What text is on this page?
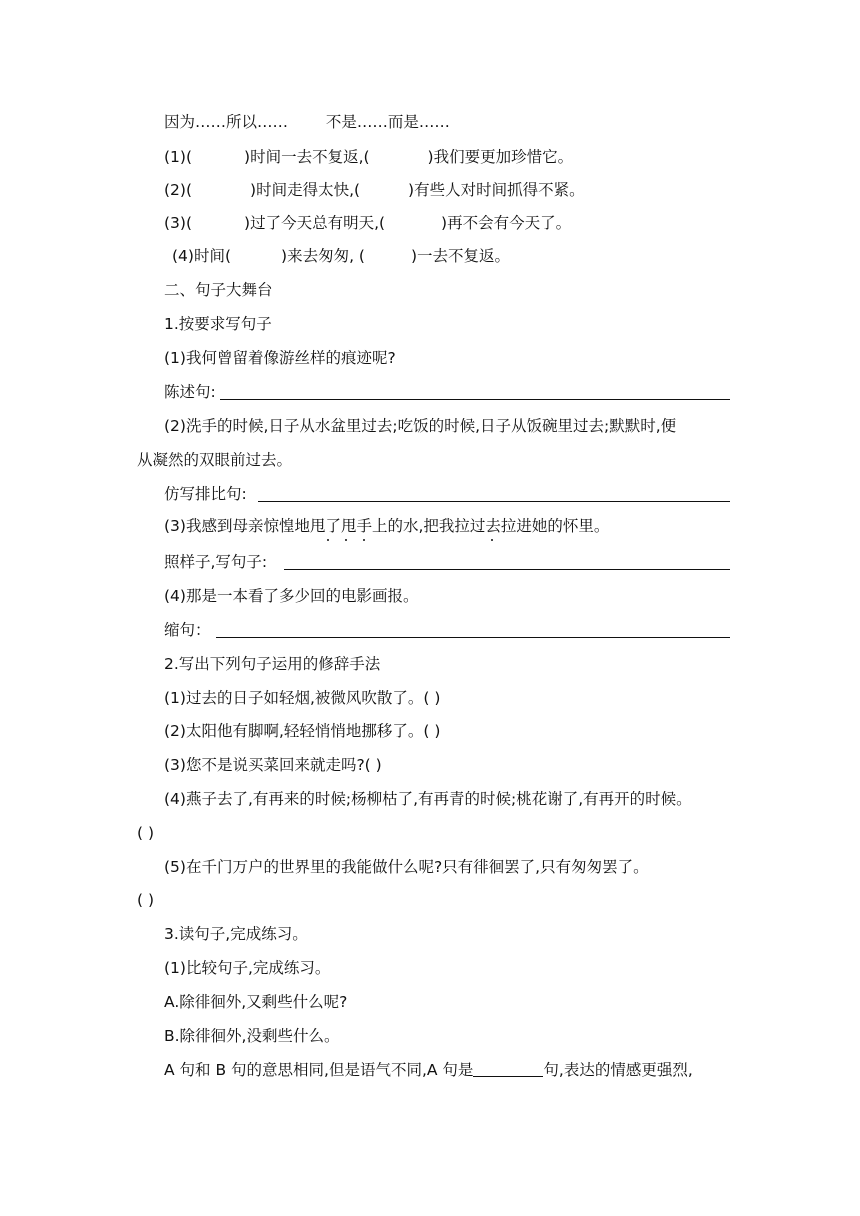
因为……所以…… 不是……而是……
(1)(	)时间一去不复返,(	)我们要更加珍惜它。
(2)(	)时间走得太快,(	)有些人对时间抓得不紧。
(3)(	)过了今天总有明天,(	)再不会有今天了。
(4)时间(	)来去匆匆, (	)一去不复返。
二、句子大舞台
1.按要求写句子
(1)我何曾留着像游丝样的痕迹呢?
陈述句:
(2)洗手的时候,日子从水盆里过去;吃饭的时候,日子从饭碗里过去;默默时,便
从凝然的双眼前过去。
仿写排比句:
(3)我感到母亲惊惶地甩了甩手上的水,把我拉过去拉进她的怀里。
照样子,写句子:
(4)那是一本看了多少回的电影画报。
缩句：
2.写出下列句子运用的修辞手法
(1)过去的日子如轻烟,被微风吹散了。( )
(2)太阳他有脚啊,轻轻悄悄地挪移了。( )
(3)您不是说买菜回来就走吗?( )
(4)燕子去了,有再来的时候;杨柳枯了,有再青的时候;桃花谢了,有再开的时候。
( )
(5)在千门万户的世界里的我能做什么呢?只有徘徊罢了,只有匆匆罢了。
( )
3.读句子,完成练习。
(1)比较句子,完成练习。
A.除徘徊外,又剩些什么呢?
B.除徘徊外,没剩些什么。
A 句和 B 句的意思相同,但是语气不同,A 句是	句,表达的情感更强烈,
